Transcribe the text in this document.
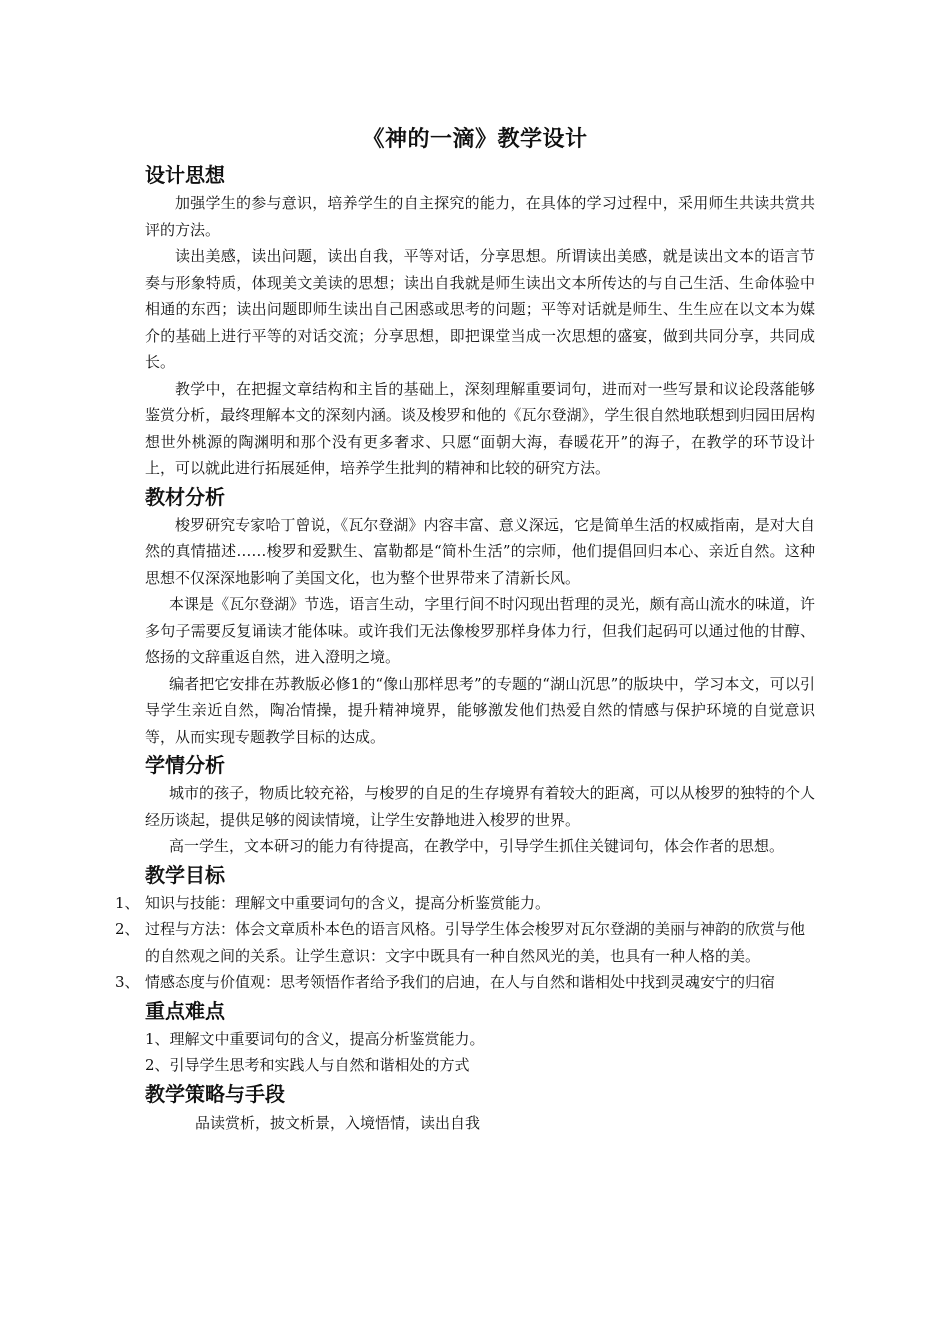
《神的一滴》教学设计
设计思想

加强学生的参与意识，培养学生的自主探究的能力，在具体的学习过程中，采用师生共读共赏共评的方法。

读出美感，读出问题，读出自我，平等对话，分享思想。所谓读出美感，就是读出文本的语言节奏与形象特质，体现美文美读的思想；读出自我就是师生读出文本所传达的与自己生活、生命体验中相通的东西；读出问题即师生读出自己困惑或思考的问题；平等对话就是师生、生生应在以文本为媒介的基础上进行平等的对话交流；分享思想，即把课堂当成一次思想的盛宴，做到共同分享，共同成长。

教学中，在把握文章结构和主旨的基础上，深刻理解重要词句，进而对一些写景和议论段落能够鉴赏分析，最终理解本文的深刻内涵。谈及梭罗和他的《瓦尔登湖》，学生很自然地联想到归园田居构想世外桃源的陶渊明和那个没有更多奢求、只愿“面朝大海，春暖花开”的海子，在教学的环节设计上，可以就此进行拓展延伸，培养学生批判的精神和比较的研究方法。

教材分析

梭罗研究专家哈丁曾说，《瓦尔登湖》内容丰富、意义深远，它是简单生活的权威指南，是对大自然的真情描述……梭罗和爱默生、富勒都是“简朴生活”的宗师，他们提倡回归本心、亲近自然。这种思想不仅深深地影响了美国文化，也为整个世界带来了清新长风。

本课是《瓦尔登湖》节选，语言生动，字里行间不时闪现出哲理的灵光，颇有高山流水的味道，许多句子需要反复诵读才能体味。或许我们无法像梭罗那样身体力行，但我们起码可以通过他的甘醇、悠扬的文辞重返自然，进入澄明之境。

编者把它安排在苏教版必修1的“像山那样思考”的专题的“湖山沉思”的版块中，学习本文，可以引导学生亲近自然，陶冶情操，提升精神境界，能够激发他们热爱自然的情感与保护环境的自觉意识等，从而实现专题教学目标的达成。

学情分析

城市的孩子，物质比较充裕，与梭罗的自足的生存境界有着较大的距离，可以从梭罗的独特的个人经历谈起，提供足够的阅读情境，让学生安静地进入梭罗的世界。

高一学生，文本研习的能力有待提高，在教学中，引导学生抓住关键词句，体会作者的思想。

教学目标
1、 知识与技能：理解文中重要词句的含义，提高分析鉴赏能力。
2、 过程与方法：体会文章质朴本色的语言风格。引导学生体会梭罗对瓦尔登湖的美丽与神韵的欣赏与他的自然观之间的关系。让学生意识：文字中既具有一种自然风光的美，也具有一种人格的美。
3、 情感态度与价值观：思考领悟作者给予我们的启迪，在人与自然和谐相处中找到灵魂安宁的归宿
重点难点

1、理解文中重要词句的含义，提高分析鉴赏能力。

2、引导学生思考和实践人与自然和谐相处的方式

教学策略与手段

品读赏析，披文析景，入境悟情，读出自我
